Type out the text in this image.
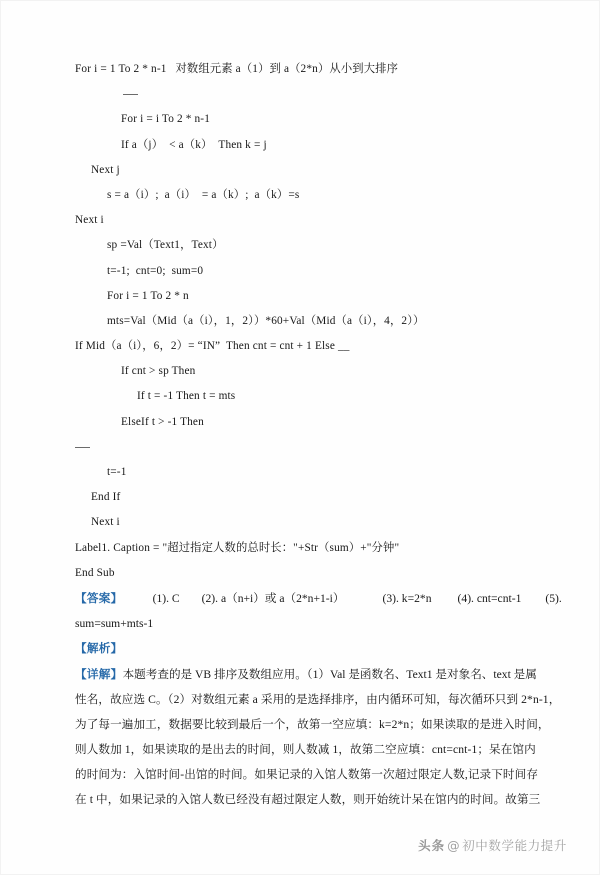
For i = 1 To 2 * n-1   对数组元素 a（1）到 a（2*n）从小到大排序
For i = i To 2 * n-1
If a（j）  < a（k）  Then k = j
Next j
s = a（i）;  a（i）  = a（k）;  a（k）=s
Next i
sp =Val（Text1，Text）
t=-1;  cnt=0;  sum=0
For i = 1 To 2 * n
mts=Val（Mid（a（i），1，2））*60+Val（Mid（a（i），4，2））
If Mid（a（i），6，2）= “IN”  Then cnt = cnt + 1 Else __
If cnt > sp Then
If t = -1 Then t = mts
ElseIf t > -1 Then
t=-1
End If
Next i
Label1. Caption = "超过指定人数的总时长："+Str（sum）+"分钟"
End Sub
【答案】	(1). C (2). a（n+i）或 a（2*n+1-i）	(3). k=2*n (4). cnt=cnt-1 (5).
sum=sum+mts-1
【解析】
【详解】本题考查的是 VB 排序及数组应用。（1）Val 是函数名、Text1 是对象名、text 是属
性名，故应选 C。（2）对数组元素 a 采用的是选择排序，由内循环可知，每次循环只到 2*n-1，
为了每一遍加工，数据要比较到最后一个，故第一空应填：k=2*n；如果读取的是进入时间，
则人数加 1，如果读取的是出去的时间，则人数减 1，故第二空应填：cnt=cnt-1；呆在馆内
的时间为：入馆时间-出馆的时间。如果记录的入馆人数第一次超过限定人数,记录下时间存
在 t 中，如果记录的入馆人数已经没有超过限定人数，则开始统计呆在馆内的时间。故第三
头条 @ 初中数学能力提升
